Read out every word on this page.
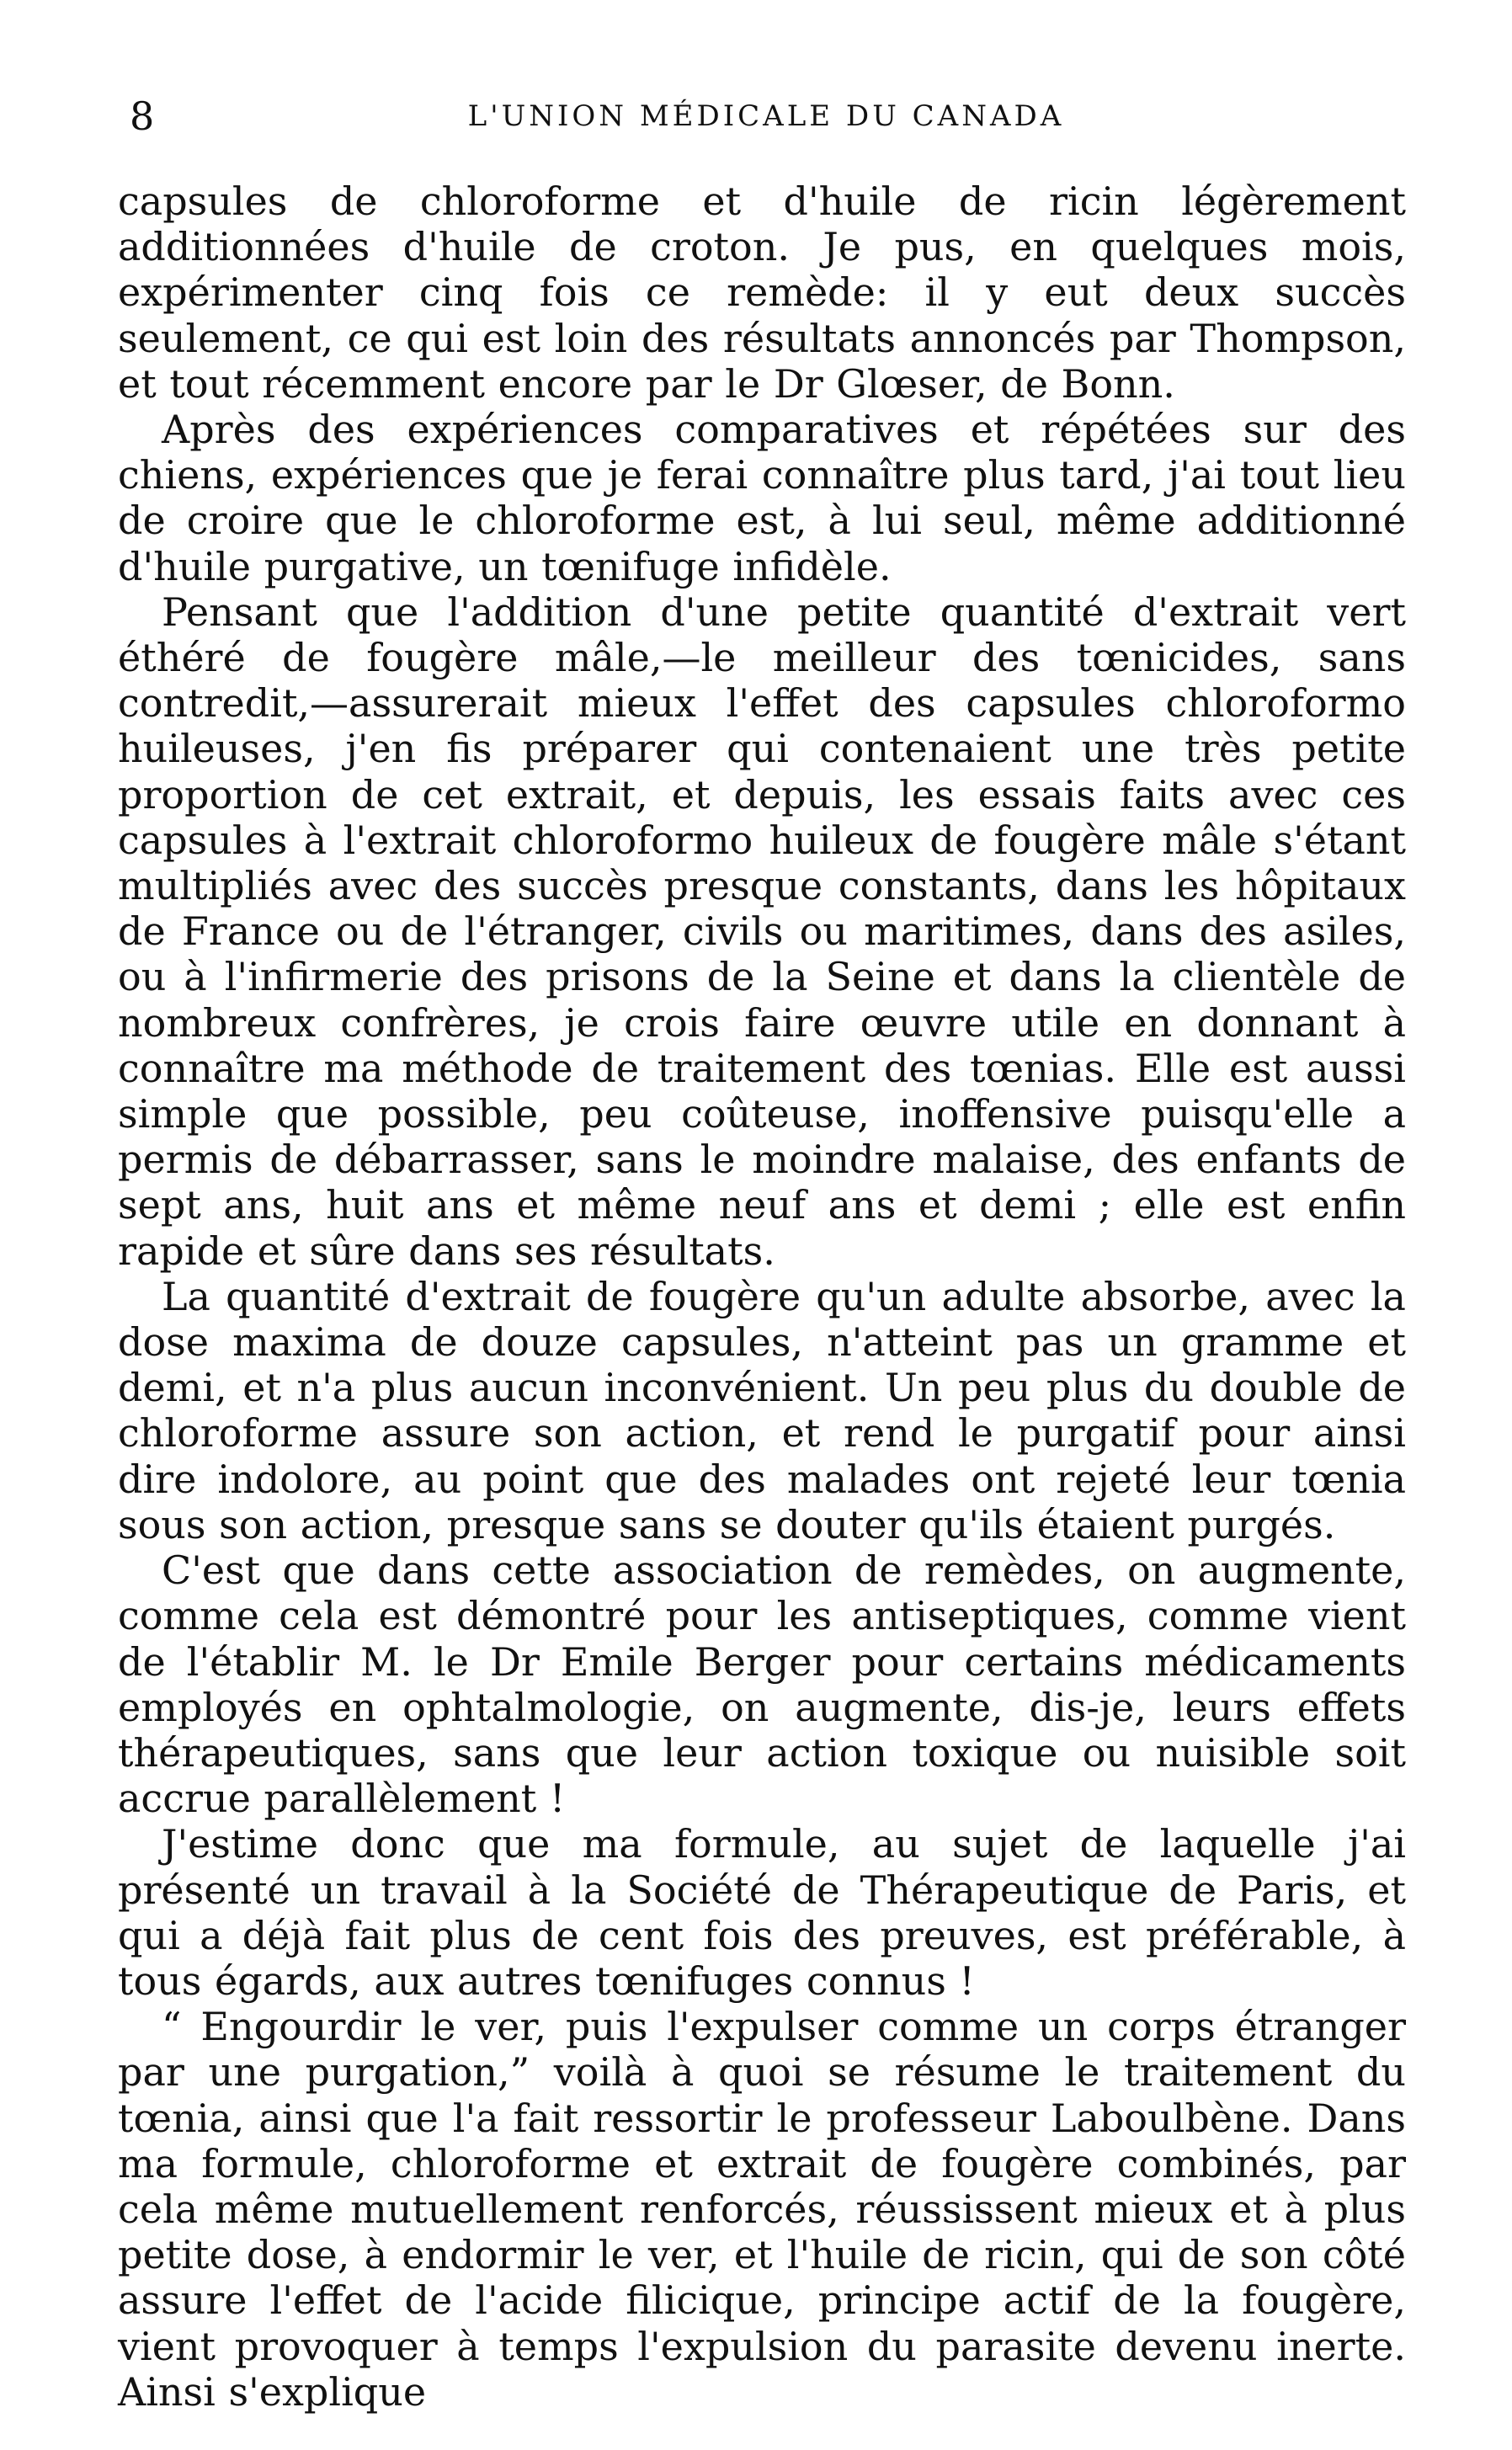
8	L'UNION MÉDICALE DU CANADA

capsules de chloroforme et d'huile de ricin légèrement additionnées d'huile de croton. Je pus, en quelques mois, expérimenter cinq fois ce remède: il y eut deux succès seulement, ce qui est loin des résultats annoncés par Thompson, et tout récemment encore par le Dr Glœser, de Bonn.

Après des expériences comparatives et répétées sur des chiens, expériences que je ferai connaître plus tard, j'ai tout lieu de croire que le chloroforme est, à lui seul, même additionné d'huile purgative, un tœnifuge infidèle.

Pensant que l'addition d'une petite quantité d'extrait vert éthéré de fougère mâle,—le meilleur des tœnicides, sans contredit,—assurerait mieux l'effet des capsules chloroformo huileuses, j'en fis préparer qui contenaient une très petite proportion de cet extrait, et depuis, les essais faits avec ces capsules à l'extrait chloroformo huileux de fougère mâle s'étant multipliés avec des succès presque constants, dans les hôpitaux de France ou de l'étranger, civils ou maritimes, dans des asiles, ou à l'infirmerie des prisons de la Seine et dans la clientèle de nombreux confrères, je crois faire œuvre utile en donnant à connaître ma méthode de traitement des tœnias. Elle est aussi simple que possible, peu coûteuse, inoffensive puisqu'elle a permis de débarrasser, sans le moindre malaise, des enfants de sept ans, huit ans et même neuf ans et demi ; elle est enfin rapide et sûre dans ses résultats.

La quantité d'extrait de fougère qu'un adulte absorbe, avec la dose maxima de douze capsules, n'atteint pas un gramme et demi, et n'a plus aucun inconvénient. Un peu plus du double de chloroforme assure son action, et rend le purgatif pour ainsi dire indolore, au point que des malades ont rejeté leur tœnia sous son action, presque sans se douter qu'ils étaient purgés.

C'est que dans cette association de remèdes, on augmente, comme cela est démontré pour les antiseptiques, comme vient de l'établir M. le Dr Emile Berger pour certains médicaments employés en ophtalmologie, on augmente, dis-je, leurs effets thérapeutiques, sans que leur action toxique ou nuisible soit accrue parallèlement !

J'estime donc que ma formule, au sujet de laquelle j'ai présenté un travail à la Société de Thérapeutique de Paris, et qui a déjà fait plus de cent fois des preuves, est préférable, à tous égards, aux autres tœnifuges connus !

“ Engourdir le ver, puis l'expulser comme un corps étranger par une purgation,” voilà à quoi se résume le traitement du tœnia, ainsi que l'a fait ressortir le professeur Laboulbène. Dans ma formule, chloroforme et extrait de fougère combinés, par cela même mutuellement renforcés, réussissent mieux et à plus petite dose, à endormir le ver, et l'huile de ricin, qui de son côté assure l'effet de l'acide filicique, principe actif de la fougère, vient provoquer à temps l'expulsion du parasite devenu inerte. Ainsi s'explique
